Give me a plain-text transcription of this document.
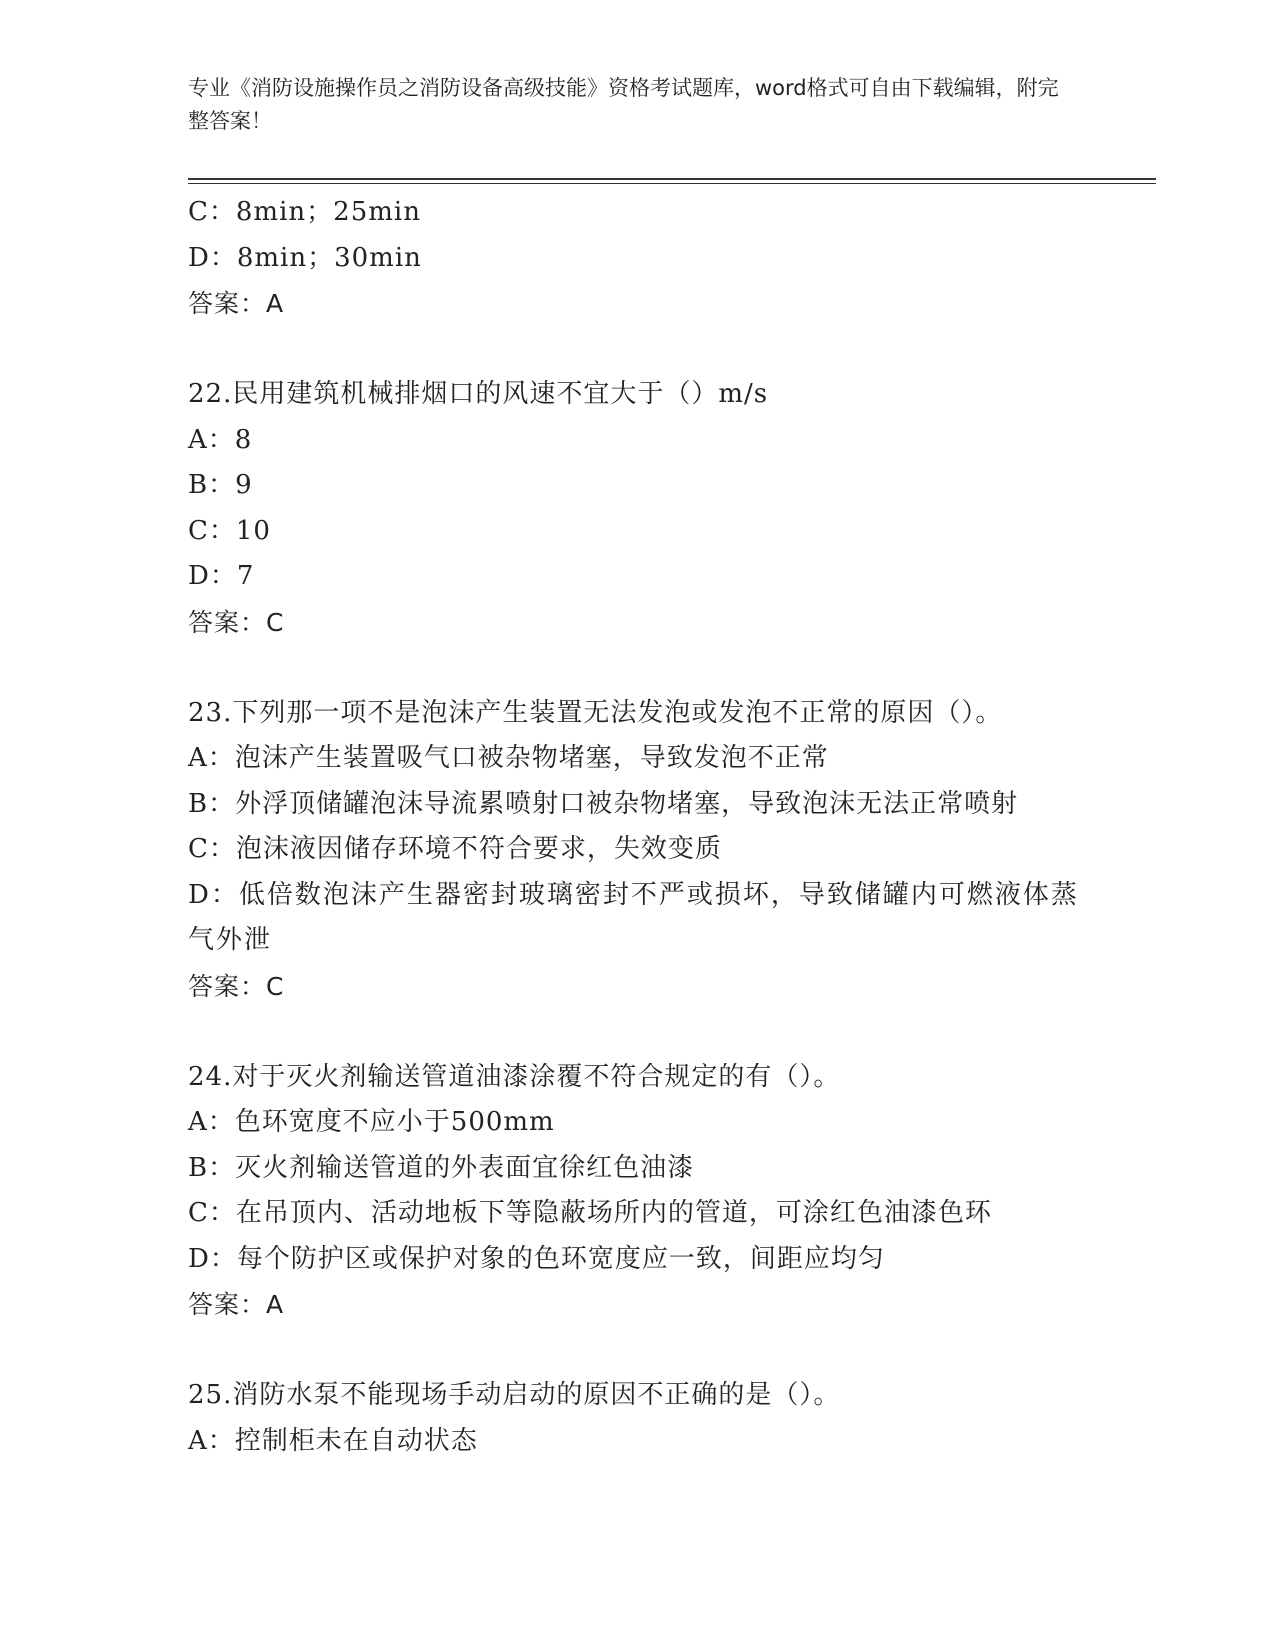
专业《消防设施操作员之消防设备高级技能》资格考试题库，word格式可自由下载编辑，附完整答案！
C：8min；25min
D：8min；30min
答案：A
22.民用建筑机械排烟口的风速不宜大于（）m/s
A：8
B：9
C：10
D：7
答案：C
23.下列那一项不是泡沫产生装置无法发泡或发泡不正常的原因（）。
A：泡沫产生装置吸气口被杂物堵塞，导致发泡不正常
B：外浮顶储罐泡沫导流累喷射口被杂物堵塞，导致泡沫无法正常喷射
C：泡沫液因储存环境不符合要求，失效变质
D：低倍数泡沫产生器密封玻璃密封不严或损坏，导致储罐内可燃液体蒸气外泄
答案：C
24.对于灭火剂输送管道油漆涂覆不符合规定的有（）。
A：色环宽度不应小于500mm
B：灭火剂输送管道的外表面宜徐红色油漆
C：在吊顶内、活动地板下等隐蔽场所内的管道，可涂红色油漆色环
D：每个防护区或保护对象的色环宽度应一致，间距应均匀
答案：A
25.消防水泵不能现场手动启动的原因不正确的是（）。
A：控制柜未在自动状态
